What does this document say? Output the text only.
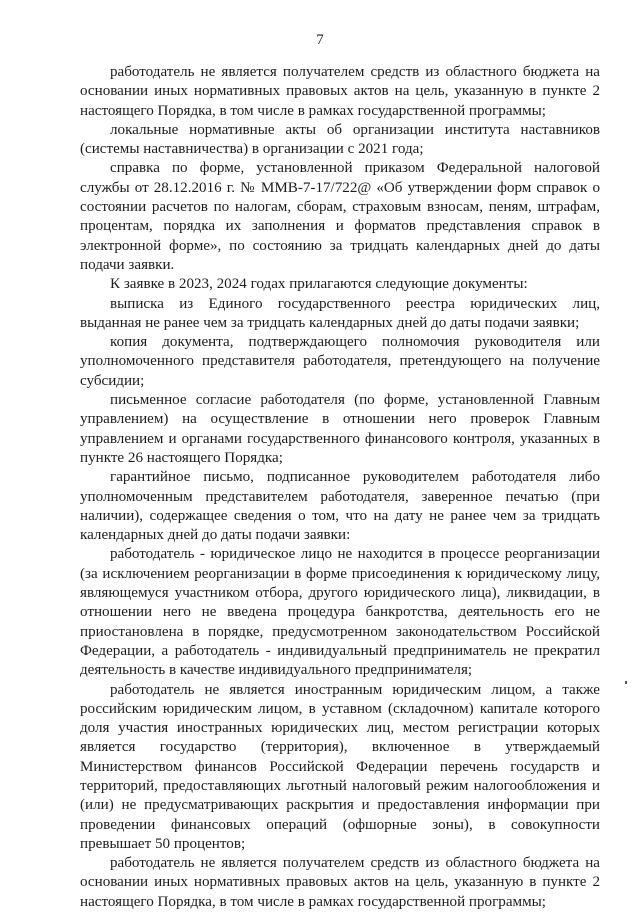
7
работодатель не является получателем средств из областного бюджета на
основании иных нормативных правовых актов на цель, указанную в пункте 2
настоящего Порядка, в том числе в рамках государственной программы;
локальные нормативные акты об организации института наставников
(системы наставничества) в организации с 2021 года;
справка по форме, установленной приказом Федеральной налоговой
службы от 28.12.2016 г. № ММВ-7-17/722@ «Об утверждении форм справок о
состоянии расчетов по налогам, сборам, страховым взносам, пеням, штрафам,
процентам, порядка их заполнения и форматов представления справок в
электронной форме», по состоянию за тридцать календарных дней до даты
подачи заявки.
К заявке в 2023, 2024 годах прилагаются следующие документы:
выписка из Единого государственного реестра юридических лиц,
выданная не ранее чем за тридцать календарных дней до даты подачи заявки;
копия документа, подтверждающего полномочия руководителя или
уполномоченного представителя работодателя, претендующего на получение
субсидии;
письменное согласие работодателя (по форме, установленной Главным
управлением) на осуществление в отношении него проверок Главным
управлением и органами государственного финансового контроля, указанных в
пункте 26 настоящего Порядка;
гарантийное письмо, подписанное руководителем работодателя либо
уполномоченным представителем работодателя, заверенное печатью (при
наличии), содержащее сведения о том, что на дату не ранее чем за тридцать
календарных дней до даты подачи заявки:
работодатель - юридическое лицо не находится в процессе реорганизации
(за исключением реорганизации в форме присоединения к юридическому лицу,
являющемуся участником отбора, другого юридического лица), ликвидации, в
отношении него не введена процедура банкротства, деятельность его не
приостановлена в порядке, предусмотренном законодательством Российской
Федерации, а работодатель - индивидуальный предприниматель не прекратил
деятельность в качестве индивидуального предпринимателя;
работодатель не является иностранным юридическим лицом, а также
российским юридическим лицом, в уставном (складочном) капитале которого
доля участия иностранных юридических лиц, местом регистрации которых
является государство (территория), включенное в утверждаемый
Министерством финансов Российской Федерации перечень государств и
территорий, предоставляющих льготный налоговый режим налогообложения и
(или) не предусматривающих раскрытия и предоставления информации при
проведении финансовых операций (офшорные зоны), в совокупности
превышает 50 процентов;
работодатель не является получателем средств из областного бюджета на
основании иных нормативных правовых актов на цель, указанную в пункте 2
настоящего Порядка, в том числе в рамках государственной программы;
